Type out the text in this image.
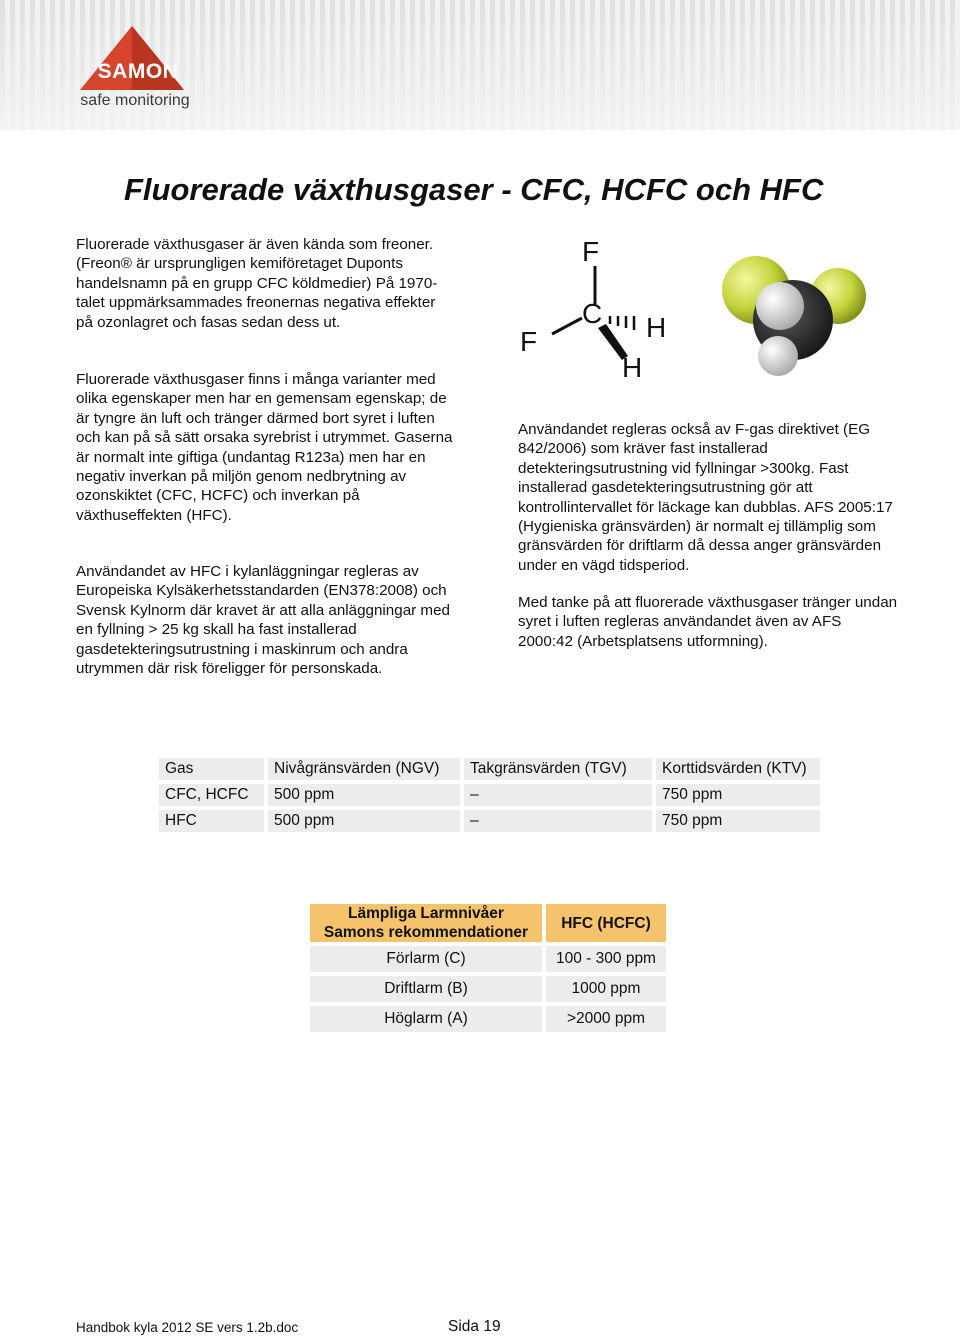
SAMON
safe monitoring
Fluorerade växthusgaser - CFC, HCFC och HFC

Fluorerade växthusgaser är även kända som freoner. (Freon® är ursprungligen kemiföretaget Duponts handelsnamn på en grupp CFC köldmedier) På 1970-talet uppmärksammades freonernas negativa effekter på ozonlagret och fasas sedan dess ut.

Fluorerade växthusgaser finns i många varianter med olika egenskaper men har en gemensam egenskap; de är tyngre än luft och tränger därmed bort syret i luften och kan på så sätt orsaka syrebrist i utrymmet. Gaserna är normalt inte giftiga (undantag R123a) men har en negativ inverkan på miljön genom nedbrytning av ozonskiktet (CFC, HCFC) och inverkan på växthuseffekten (HFC).

Användandet av HFC i kylanläggningar regleras av Europeiska Kylsäkerhetsstandarden (EN378:2008) och Svensk Kylnorm där kravet är att alla anläggningar med en fyllning > 25 kg skall ha fast installerad gasdetekteringsutrustning i maskinrum och andra utrymmen där risk föreligger för personskada.

F
C
F	H
H

Användandet regleras också av F-gas direktivet (EG 842/2006) som kräver fast installerad detekteringsutrustning vid fyllningar >300kg. Fast installerad gasdetekteringsutrustning gör att kontrollintervallet för läckage kan dubblas. AFS 2005:17 (Hygieniska gränsvärden) är normalt ej tillämplig som gränsvärden för driftlarm då dessa anger gränsvärden under en vägd tidsperiod.

Med tanke på att fluorerade växthusgaser tränger undan syret i luften regleras användandet även av AFS 2000:42 (Arbetsplatsens utformning).

Gas	Nivågränsvärden (NGV)	Takgränsvärden (TGV)	Korttidsvärden (KTV)
CFC, HCFC	500 ppm	–	750 ppm
HFC	500 ppm	–	750 ppm
Lämpliga Larmnivåer
Samons rekommendationer	HFC (HCFC)
Förlarm (C)	100 - 300 ppm
Driftlarm (B)	1000 ppm
Höglarm (A)	>2000 ppm
Handbok kyla 2012 SE vers 1.2b.doc	Sida 19
